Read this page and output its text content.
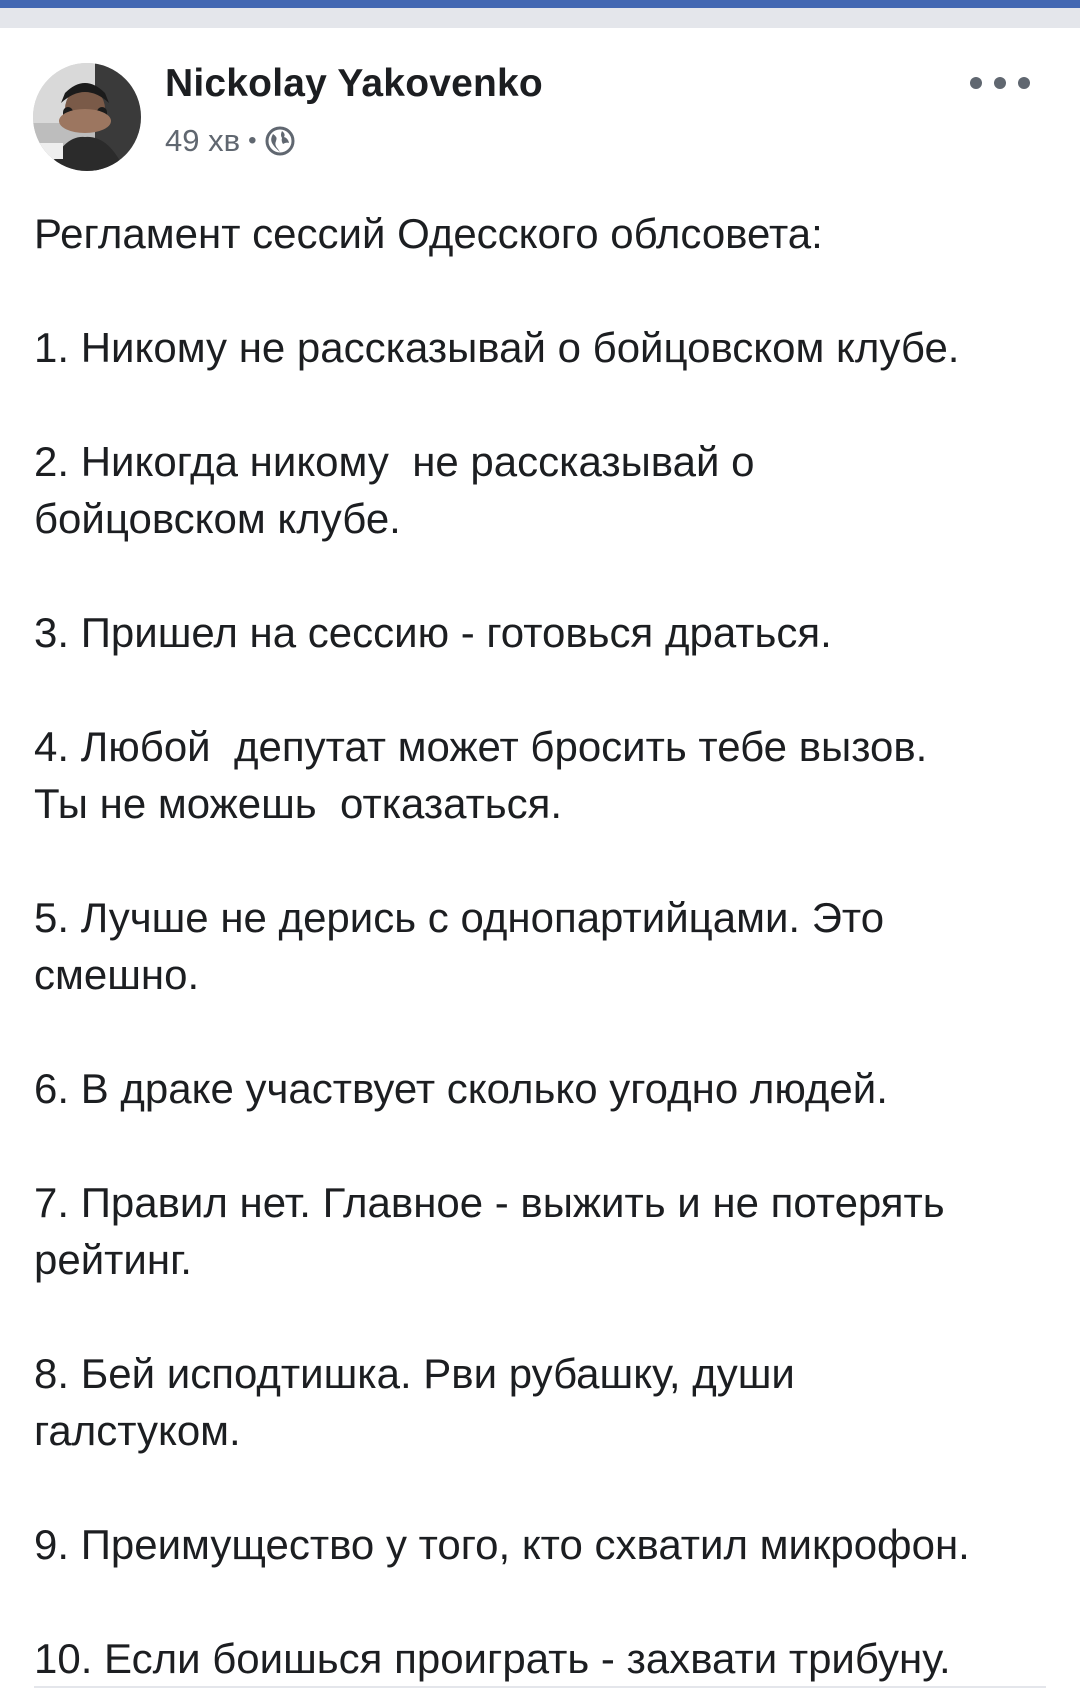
Nickolay Yakovenko
49 хв •

Регламент сессий Одесского облсовета:

1. Никому не рассказывай о бойцовском клубе.

2. Никогда никому  не рассказывай о
бойцовском клубе.

3. Пришел на сессию - готовься драться.

4. Любой  депутат может бросить тебе вызов.
Ты не можешь  отказаться.

5. Лучше не дерись с однопартийцами. Это
смешно.

6. В драке участвует сколько угодно людей.

7. Правил нет. Главное - выжить и не потерять
рейтинг.

8. Бей исподтишка. Рви рубашку, души
галстуком.

9. Преимущество у того, кто схватил микрофон.

10. Если боишься проиграть - захвати трибуну.
